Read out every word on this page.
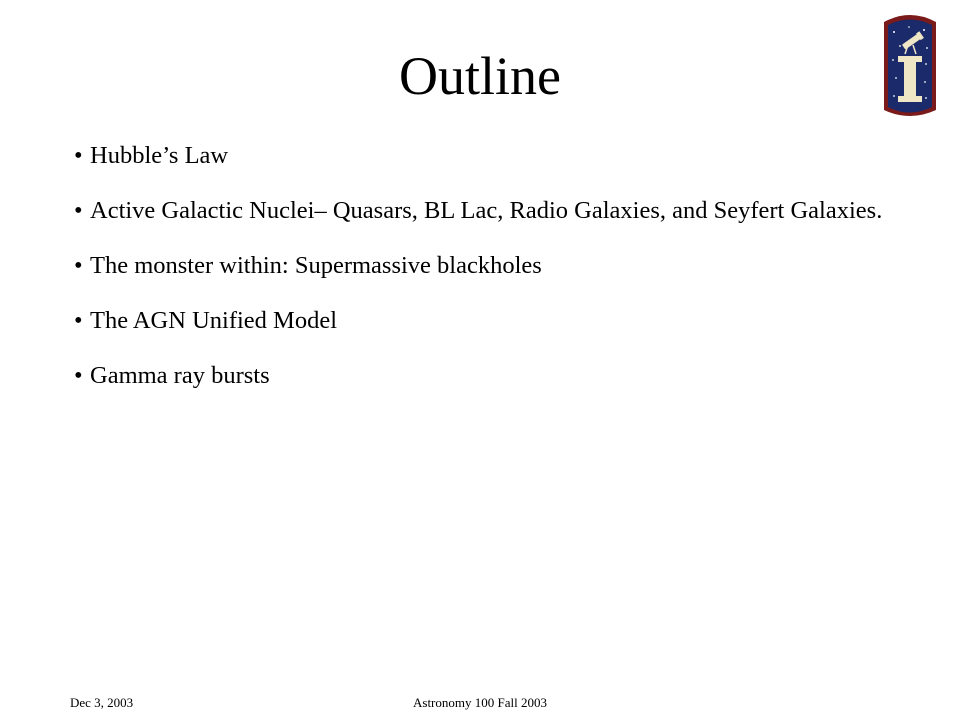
Outline
• Hubble’s Law
• Active Galactic Nuclei– Quasars, BL Lac, Radio Galaxies, and Seyfert Galaxies.
• The monster within: Supermassive blackholes
• The AGN Unified Model
• Gamma ray bursts
Dec 3, 2003	Astronomy 100 Fall 2003
